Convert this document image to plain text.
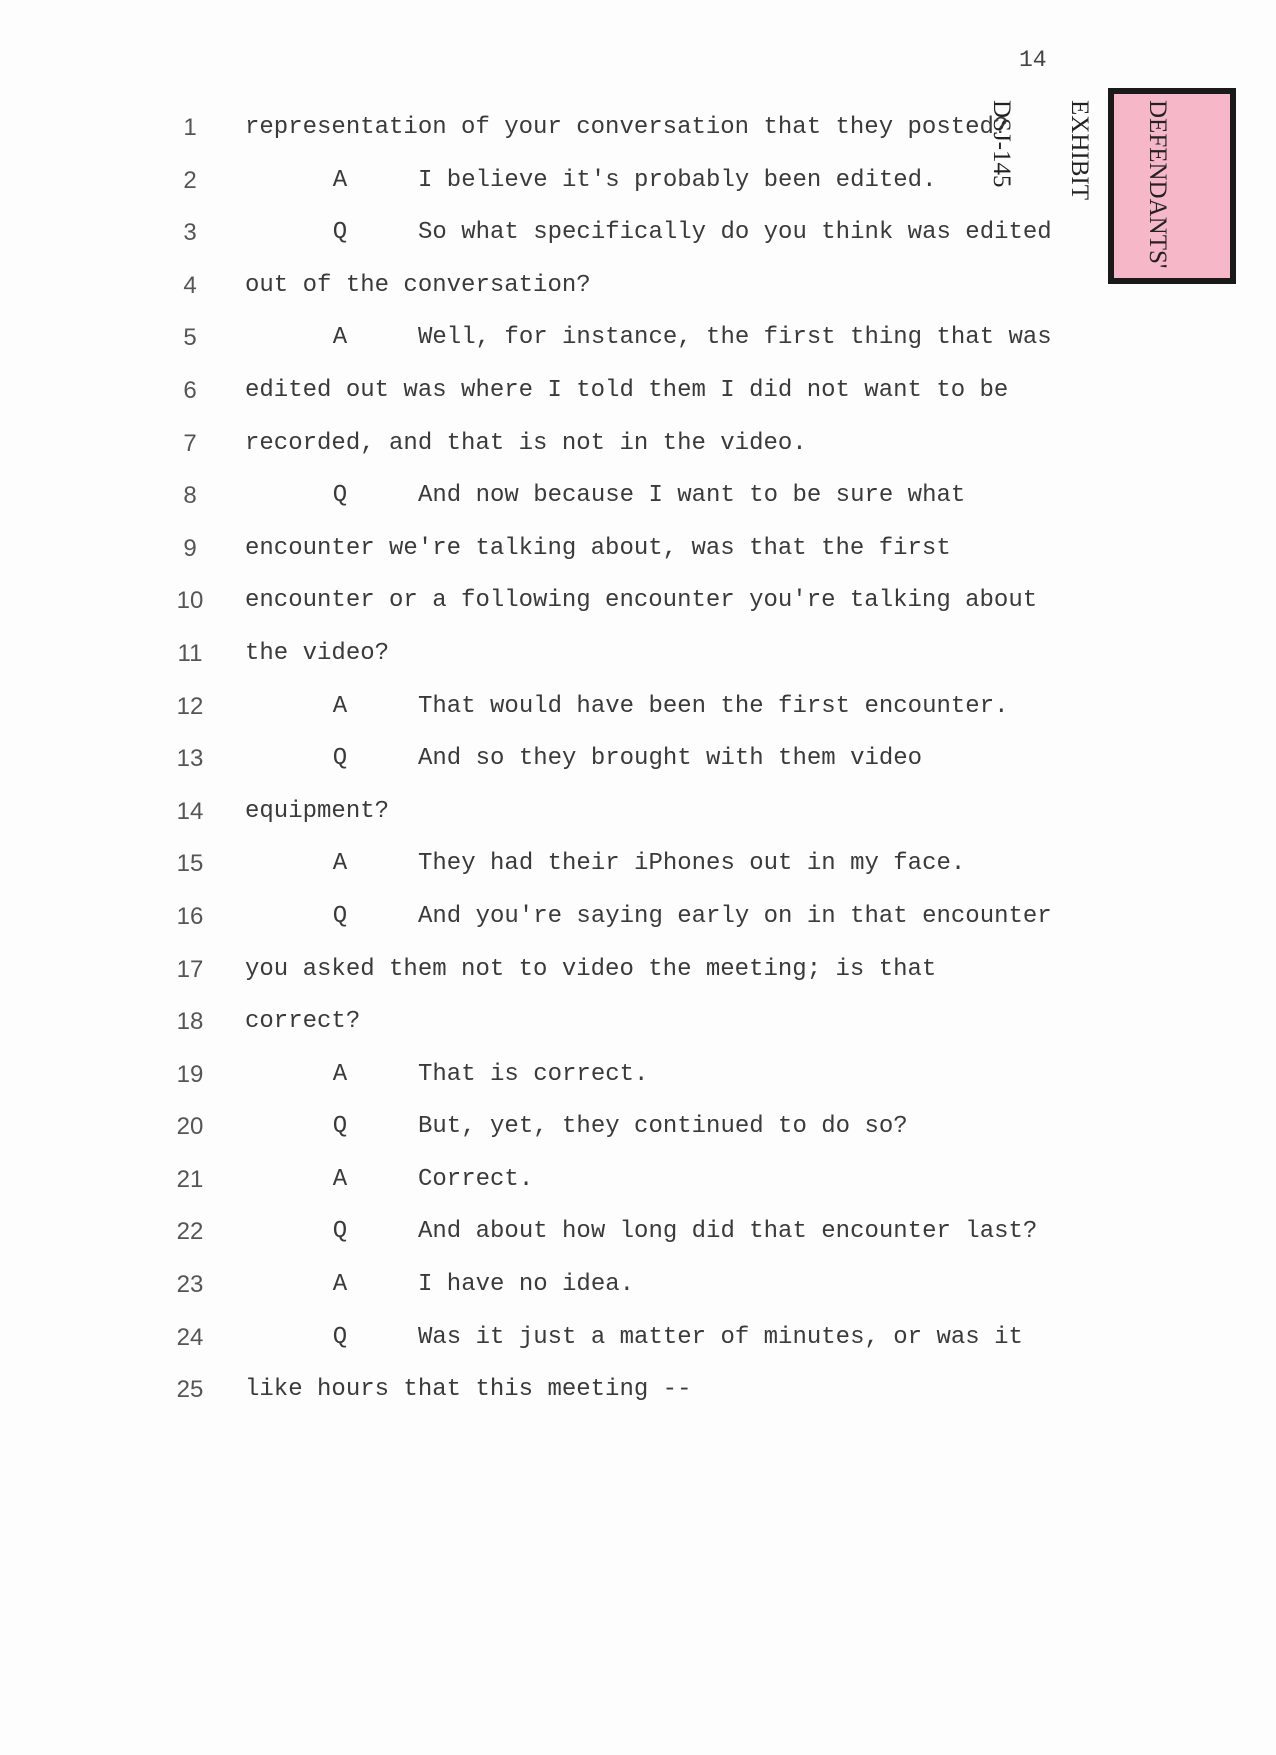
14

DEFENDANTS'

EXHIBIT

DSJ-145

1	representation of your conversation that they posted?
2	A	I believe it's probably been edited.
3	Q	So what specifically do you think was edited
4	out of the conversation?
5	A	Well, for instance, the first thing that was
6	edited out was where I told them I did not want to be
7	recorded, and that is not in the video.
8	Q	And now because I want to be sure what
9	encounter we're talking about, was that the first
10	encounter or a following encounter you're talking about
11	the video?
12	A	That would have been the first encounter.
13	Q	And so they brought with them video
14	equipment?
15	A	They had their iPhones out in my face.
16	Q	And you're saying early on in that encounter
17	you asked them not to video the meeting; is that
18	correct?
19	A	That is correct.
20	Q	But, yet, they continued to do so?
21	A	Correct.
22	Q	And about how long did that encounter last?
23	A	I have no idea.
24	Q	Was it just a matter of minutes, or was it
25	like hours that this meeting --
